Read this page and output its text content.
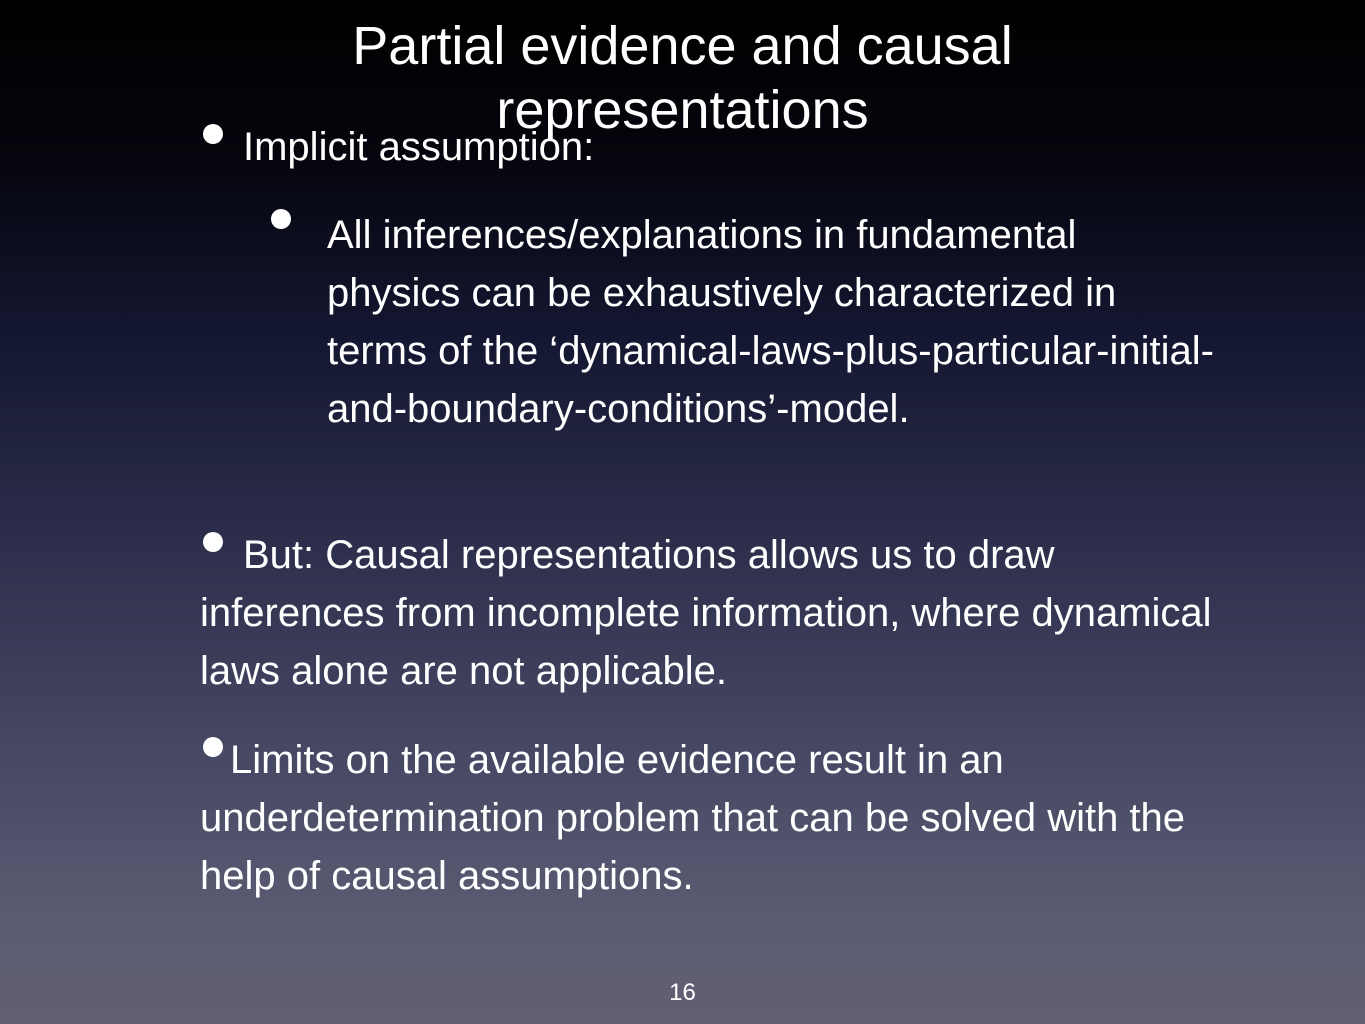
Partial evidence and causal representations
Implicit assumption:
All inferences/explanations in fundamental physics can be exhaustively characterized in terms of the ‘dynamical-laws-plus-particular-initial-and-boundary-conditions’-model.
But: Causal representations allows us to draw inferences from incomplete information, where dynamical laws alone are not applicable.
Limits on the available evidence result in an underdetermination problem that can be solved with the help of causal assumptions.
16
